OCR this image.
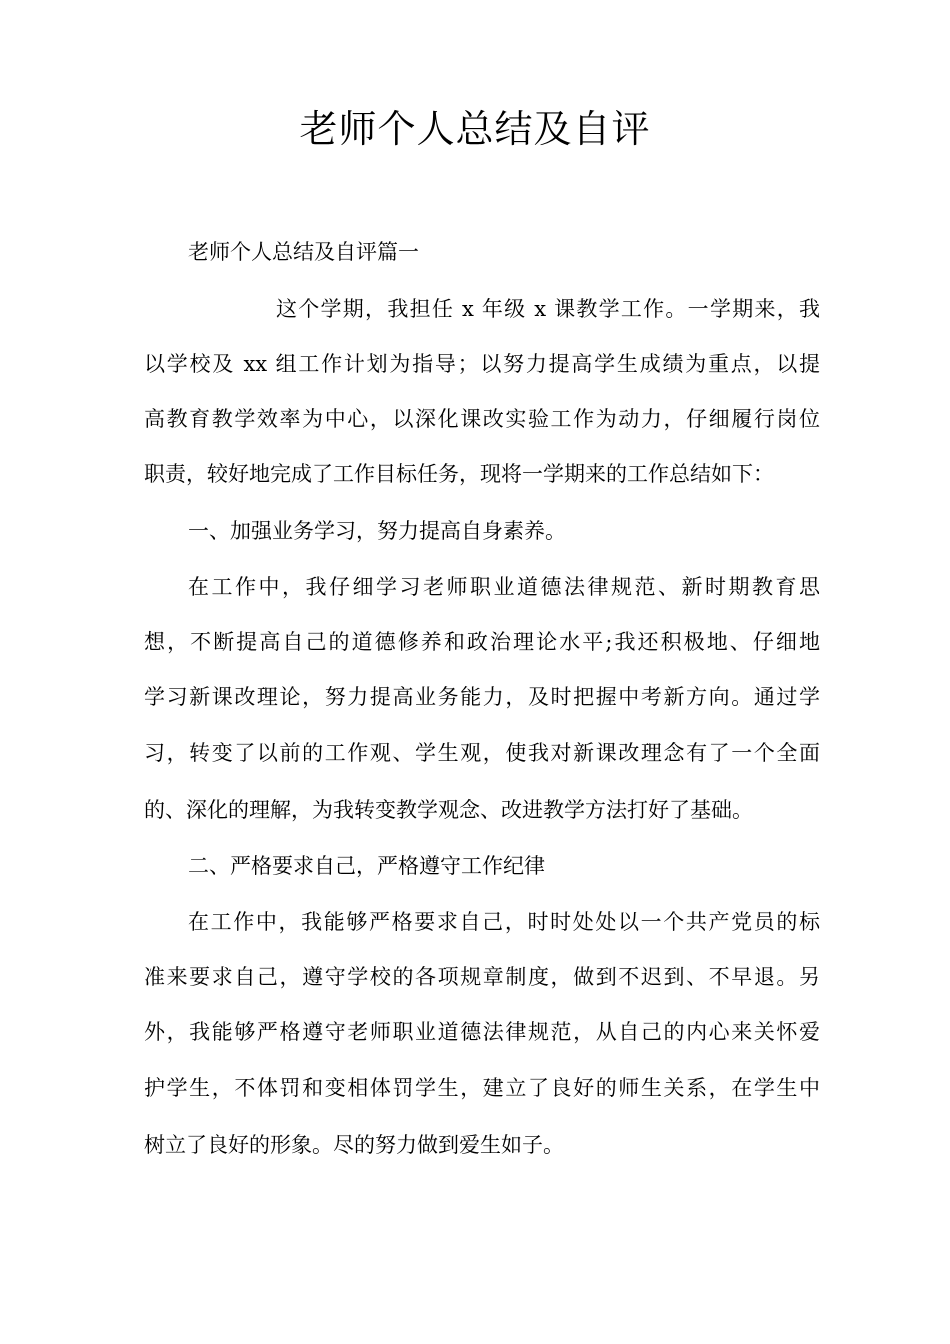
老师个人总结及自评
老师个人总结及自评篇一
这个学期，我担任 x 年级 x 课教学工作。一学期来，我
以学校及 xx 组工作计划为指导；以努力提高学生成绩为重点，以提
高教育教学效率为中心，以深化课改实验工作为动力，仔细履行岗位
职责，较好地完成了工作目标任务，现将一学期来的工作总结如下：
一、加强业务学习，努力提高自身素养。
在工作中，我仔细学习老师职业道德法律规范、新时期教育思
想，不断提高自己的道德修养和政治理论水平;我还积极地、仔细地
学习新课改理论，努力提高业务能力，及时把握中考新方向。通过学
习，转变了以前的工作观、学生观，使我对新课改理念有了一个全面
的、深化的理解，为我转变教学观念、改进教学方法打好了基础。
二、严格要求自己，严格遵守工作纪律
在工作中，我能够严格要求自己，时时处处以一个共产党员的标
准来要求自己，遵守学校的各项规章制度，做到不迟到、不早退。另
外，我能够严格遵守老师职业道德法律规范，从自己的内心来关怀爱
护学生，不体罚和变相体罚学生，建立了良好的师生关系，在学生中
树立了良好的形象。尽的努力做到爱生如子。
